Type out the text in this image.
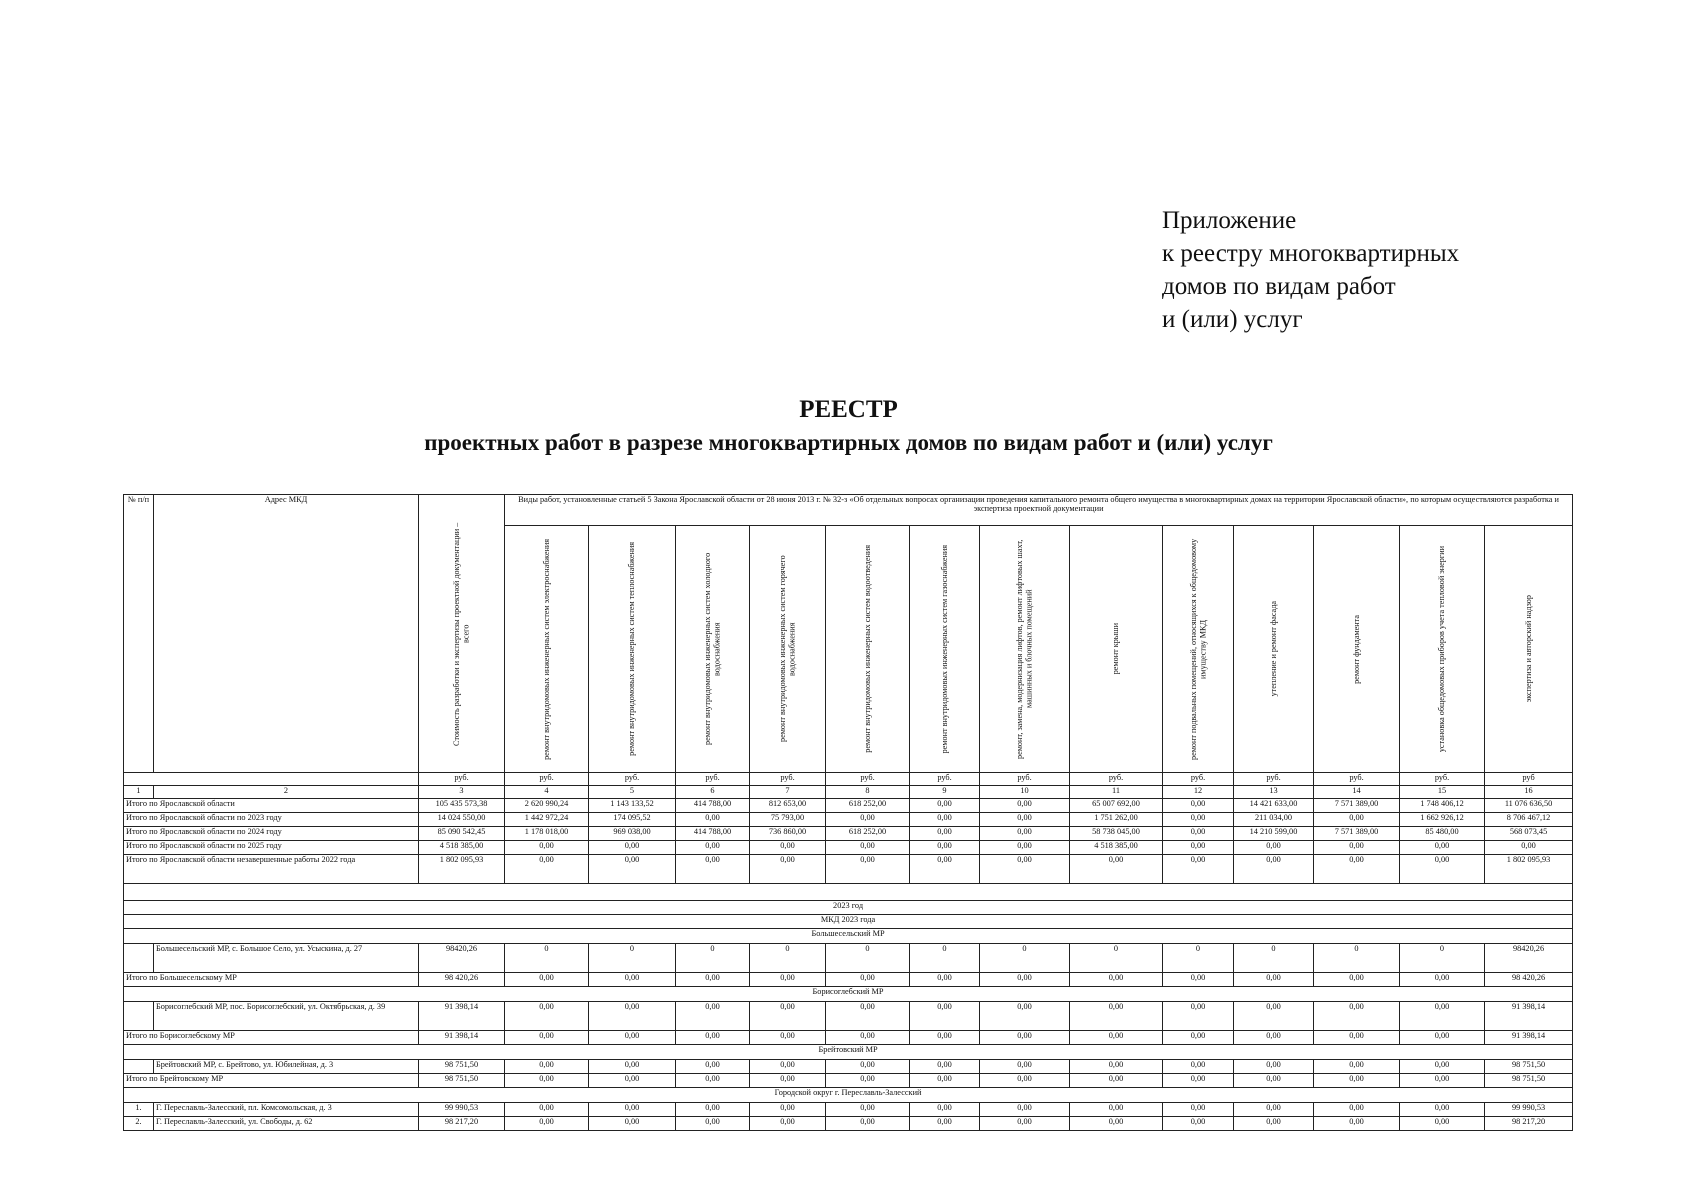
Приложение
к реестру многоквартирных
домов по видам работ
и (или) услуг
РЕЕСТР
проектных работ в разрезе многоквартирных домов по видам работ и (или) услуг
№ п/п	Адрес МКД	Стоимость разработки и экспертизы проектной документации – всего	Виды работ, установленные статьей 5 Закона Ярославской области от 28 июня 2013 г. № 32-з «Об отдельных вопросах организации проведения капитального ремонта общего имущества в многоквартирных домах на территории Ярославской области», по которым осуществляются разработка и экспертиза проектной документации												

			ремонт внутридомовых инженерных систем электроснабжения	ремонт внутридомовых инженерных систем теплоснабжения	ремонт внутридомовых инженерных систем холодного водоснабжения	ремонт внутридомовых инженерных систем горячего водоснабжения	ремонт внутридомовых инженерных систем водоотведения	ремонт внутридомовых инженерных систем газоснабжения	ремонт, замена, модернизация лифтов, ремонт лифтовых шахт, машинных и блочных помещений	ремонт крыши	ремонт подвальных помещений, относящихся к общедомовому имуществу МКД	утепление и ремонт фасада	ремонт фундамента	установка общедомовых приборов учета тепловой энергии	экспертиза и авторский надзор

		руб.	руб.	руб.	руб.	руб.	руб.	руб.	руб.	руб.	руб.	руб.	руб.	руб.	руб
1	2	3	4	5	6	7	8	9	10	11	12	13	14	15	16
Итого по Ярославской области		105 435 573,38	2 620 990,24	1 143 133,52	414 788,00	812 653,00	618 252,00	0,00	0,00	65 007 692,00	0,00	14 421 633,00	7 571 389,00	1 748 406,12	11 076 636,50
Итого по Ярославской области по 2023 году		14 024 550,00	1 442 972,24	174 095,52	0,00	75 793,00	0,00	0,00	0,00	1 751 262,00	0,00	211 034,00	0,00	1 662 926,12	8 706 467,12
Итого по Ярославской области по 2024 году		85 090 542,45	1 178 018,00	969 038,00	414 788,00	736 860,00	618 252,00	0,00	0,00	58 738 045,00	0,00	14 210 599,00	7 571 389,00	85 480,00	568 073,45
Итого по Ярославской области по 2025 году		4 518 385,00	0,00	0,00	0,00	0,00	0,00	0,00	0,00	4 518 385,00	0,00	0,00	0,00	0,00	0,00
Итого по Ярославской области незавершенные работы 2022 года		1 802 095,93	0,00	0,00	0,00	0,00	0,00	0,00	0,00	0,00	0,00	0,00	0,00	0,00	1 802 095,93

2023 год															
МКД 2023 года															
Большесельский МР															
	Большесельский МР, с. Большое Село, ул. Усыскина, д. 27	98420,26	0	0	0	0	0	0	0	0	0	0	0	0	98420,26
Итого по Большесельскому МР		98 420,26	0,00	0,00	0,00	0,00	0,00	0,00	0,00	0,00	0,00	0,00	0,00	0,00	98 420,26
Борисоглебский МР															
	Борисоглебский МР, пос. Борисоглебский, ул. Октябрьская, д. 39	91 398,14	0,00	0,00	0,00	0,00	0,00	0,00	0,00	0,00	0,00	0,00	0,00	0,00	91 398,14
Итого по Борисоглебскому МР		91 398,14	0,00	0,00	0,00	0,00	0,00	0,00	0,00	0,00	0,00	0,00	0,00	0,00	91 398,14
Брейтовский МР															
	Брейтовский МР, с. Брейтово, ул. Юбилейная, д. 3	98 751,50	0,00	0,00	0,00	0,00	0,00	0,00	0,00	0,00	0,00	0,00	0,00	0,00	98 751,50
Итого по Брейтовскому МР		98 751,50	0,00	0,00	0,00	0,00	0,00	0,00	0,00	0,00	0,00	0,00	0,00	0,00	98 751,50
Городской округ г. Переславль-Залесский															
1.	Г. Переславль-Залесский, пл. Комсомольская, д. 3	99 990,53	0,00	0,00	0,00	0,00	0,00	0,00	0,00	0,00	0,00	0,00	0,00	0,00	99 990,53
2.	Г. Переславль-Залесский, ул. Свободы, д. 62	98 217,20	0,00	0,00	0,00	0,00	0,00	0,00	0,00	0,00	0,00	0,00	0,00	0,00	98 217,20
